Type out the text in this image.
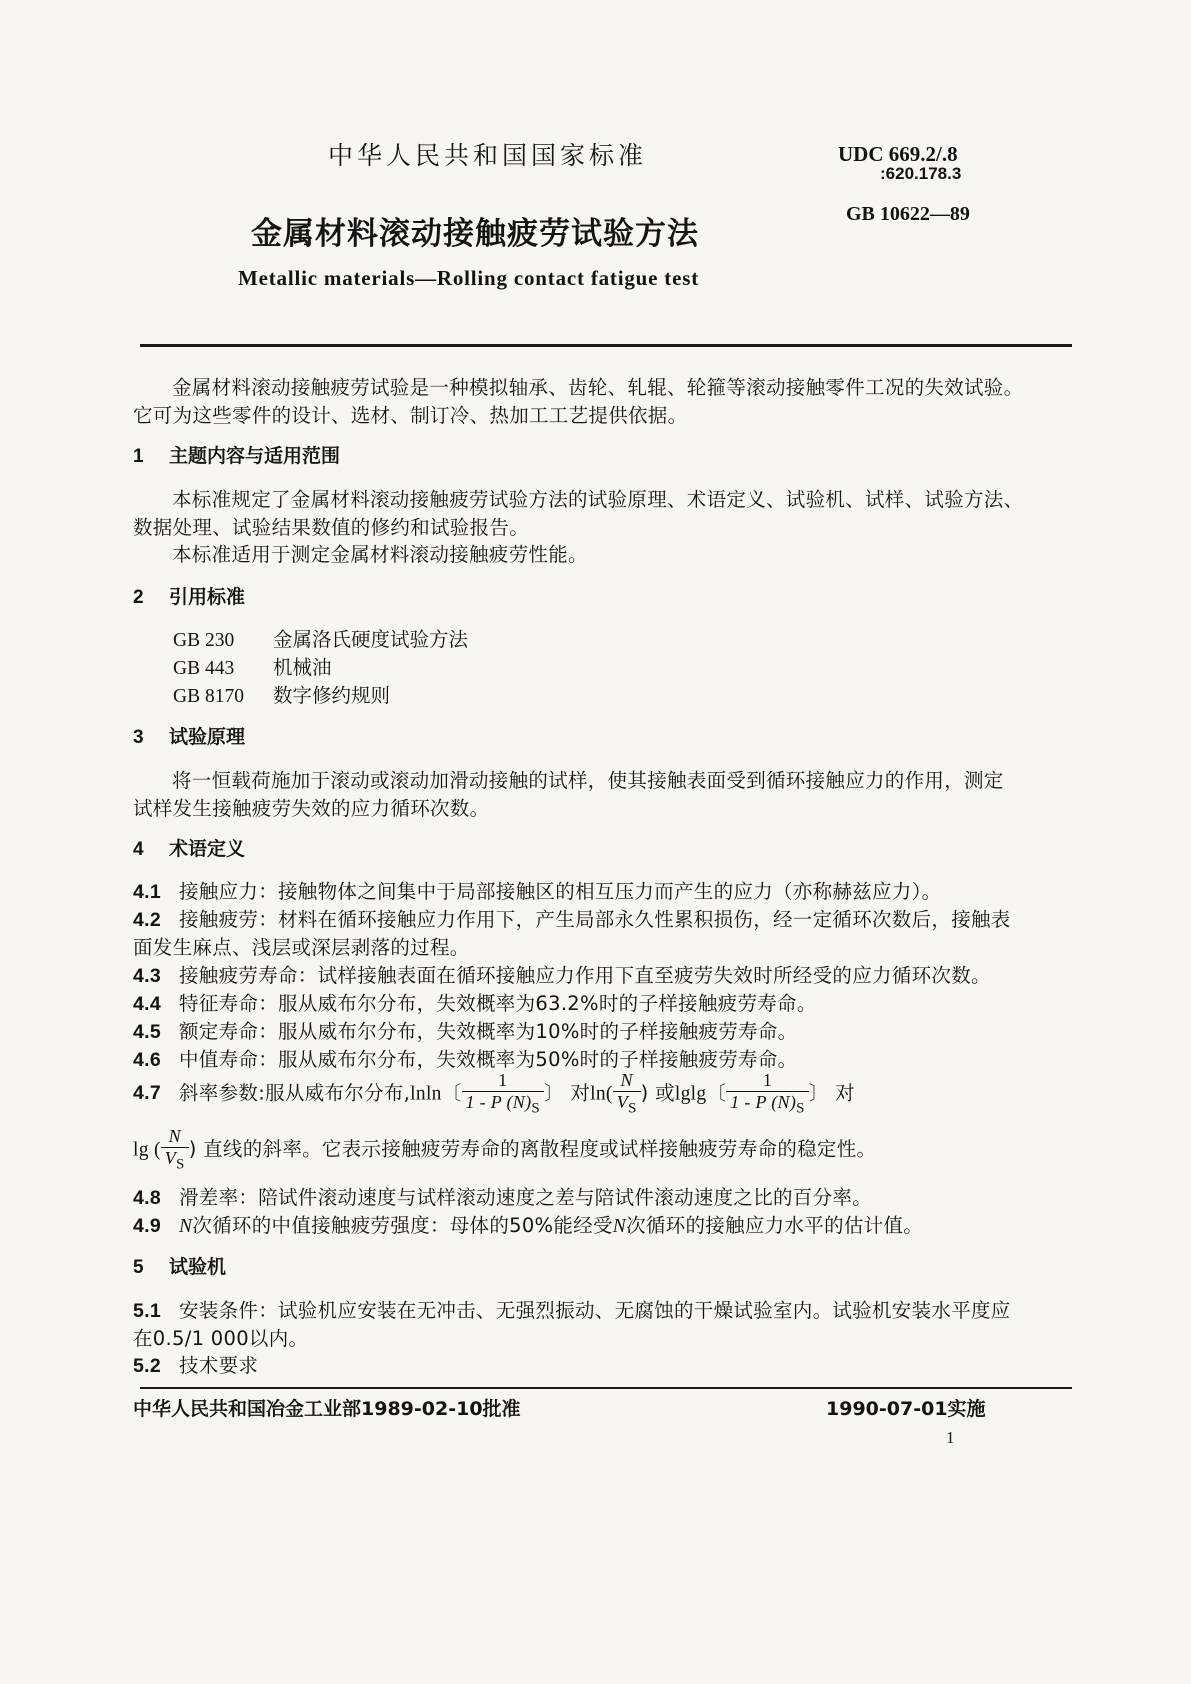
中华人民共和国国家标准	UDC 669.2/.8
:620.178.3
GB 10622—89
金属材料滚动接触疲劳试验方法
Metallic materials—Rolling contact fatigue test
金属材料滚动接触疲劳试验是一种模拟轴承、齿轮、轧辊、轮箍等滚动接触零件工况的失效试验。
它可为这些零件的设计、选材、制订冷、热加工工艺提供依据。
1 主题内容与适用范围
本标准规定了金属材料滚动接触疲劳试验方法的试验原理、术语定义、试验机、试样、试验方法、
数据处理、试验结果数值的修约和试验报告。
本标准适用于测定金属材料滚动接触疲劳性能。
2 引用标准
GB 230 金属洛氏硬度试验方法
GB 443 机械油
GB 8170 数字修约规则
3 试验原理
将一恒载荷施加于滚动或滚动加滑动接触的试样，使其接触表面受到循环接触应力的作用，测定
试样发生接触疲劳失效的应力循环次数。
4 术语定义
4.1 接触应力：接触物体之间集中于局部接触区的相互压力而产生的应力（亦称赫兹应力）。
4.2 接触疲劳：材料在循环接触应力作用下，产生局部永久性累积损伤，经一定循环次数后，接触表
面发生麻点、浅层或深层剥落的过程。
4.3 接触疲劳寿命：试样接触表面在循环接触应力作用下直至疲劳失效时所经受的应力循环次数。
4.4 特征寿命：服从威布尔分布，失效概率为63.2%时的子样接触疲劳寿命。
4.5 额定寿命：服从威布尔分布，失效概率为10%时的子样接触疲劳寿命。
4.6 中值寿命：服从威布尔分布，失效概率为50%时的子样接触疲劳寿命。
4.7 斜率参数:服从威布尔分布,lnln〔 $\frac{1}{1 - P (N)_S}$ 〕 对$\ln( \frac{N}{V_S}$ ) 或lglg〔 $\frac{1}{1 - P (N)_S}$ 〕 对
lg ( $\frac{N}{V_S}$ ) 直线的斜率。它表示接触疲劳寿命的离散程度或试样接触疲劳寿命的稳定性。
4.8 滑差率：陪试件滚动速度与试样滚动速度之差与陪试件滚动速度之比的百分率。
4.9 N次循环的中值接触疲劳强度：母体的50%能经受N次循环的接触应力水平的估计值。
5 试验机
5.1 安装条件：试验机应安装在无冲击、无强烈振动、无腐蚀的干燥试验室内。试验机安装水平度应
在0.5/1 000以内。
5.2 技术要求
中华人民共和国冶金工业部1989-02-10批准	1990-07-01实施
1
